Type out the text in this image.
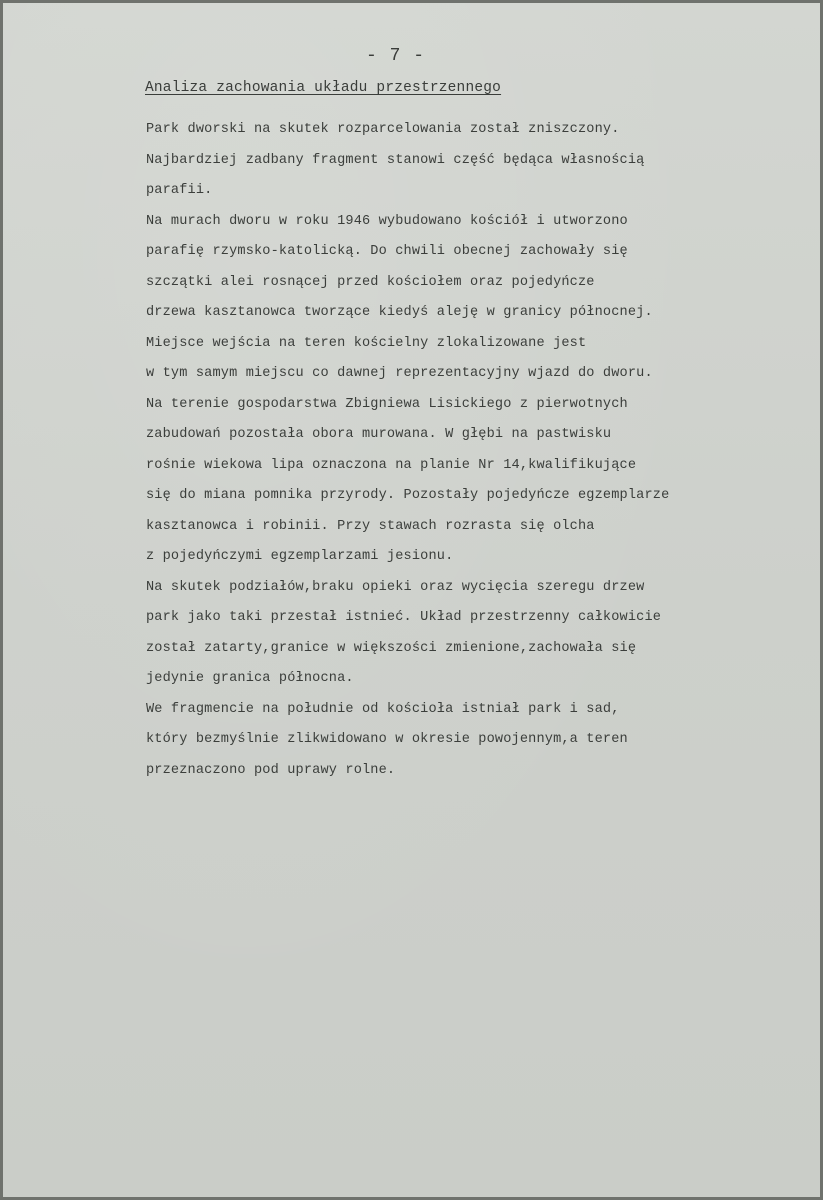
- 7 -
Analiza zachowania układu przestrzennego
Park dworski na skutek rozparcelowania został zniszczony.
Najbardziej zadbany fragment stanowi część będąca własnością
parafii.
Na murach dworu w roku 1946 wybudowano kościół i utworzono
parafię rzymsko-katolicką. Do chwili obecnej zachowały się
szczątki alei rosnącej przed kościołem oraz pojedyńcze
drzewa kasztanowca tworzące kiedyś aleję w granicy północnej.
Miejsce wejścia na teren kościelny zlokalizowane jest
w tym samym miejscu co dawnej reprezentacyjny wjazd do dworu.
Na terenie gospodarstwa Zbigniewa Lisickiego z pierwotnych
zabudowań pozostała obora murowana. W głębi na pastwisku
rośnie wiekowa lipa oznaczona na planie Nr 14,kwalifikujące
się do miana pomnika przyrody. Pozostały pojedyńcze egzemplarze
kasztanowca i robinii. Przy stawach rozrasta się olcha
z pojedyńczymi egzemplarzami jesionu.
Na skutek podziałów,braku opieki oraz wycięcia szeregu drzew
park jako taki przestał istnieć. Układ przestrzenny całkowicie
został zatarty,granice w większości zmienione,zachowała się
jedynie granica północna.
We fragmencie na południe od kościoła istniał park i sad,
który bezmyślnie zlikwidowano w okresie powojennym,a teren
przeznaczono pod uprawy rolne.
